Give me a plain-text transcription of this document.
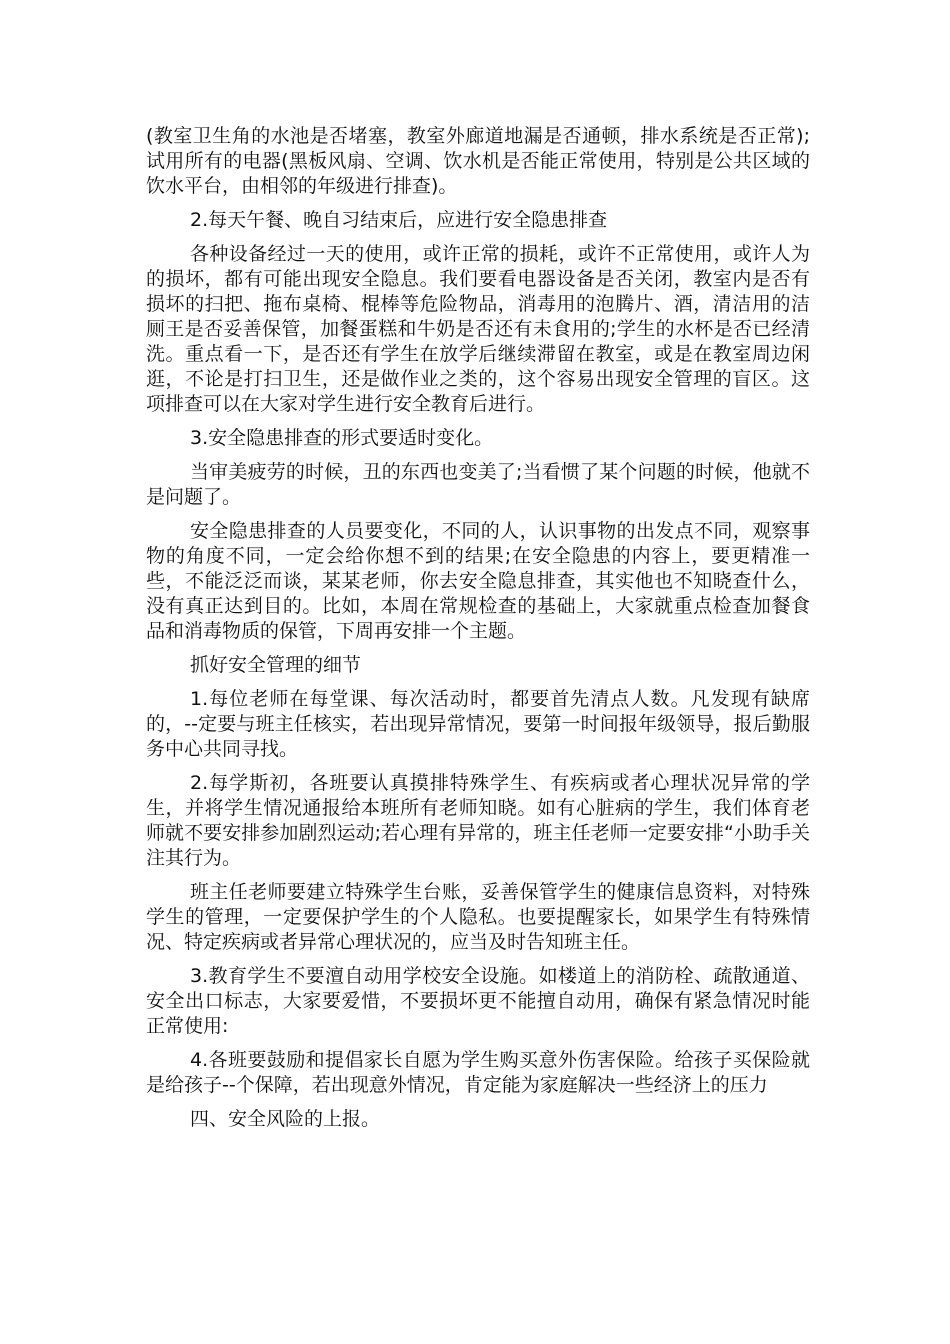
(教室卫生角的水池是否堵塞，教室外廊道地漏是否通顿，排水系统是否正常);试用所有的电器(黑板风扇、空调、饮水机是否能正常使用，特别是公共区域的饮水平台，由相邻的年级进行排查)。

2.每天午餐、晚自习结束后，应进行安全隐患排查

各种设备经过一天的使用，或许正常的损耗，或许不正常使用，或许人为的损坏，都有可能出现安全隐息。我们要看电器设备是否关闭，教室内是否有损坏的扫把、拖布桌椅、棍棒等危险物品，消毒用的泡腾片、酒，清洁用的洁厕王是否妥善保管，加餐蛋糕和牛奶是否还有未食用的;学生的水杯是否已经清洗。重点看一下，是否还有学生在放学后继续滞留在教室，或是在教室周边闲逛，不论是打扫卫生，还是做作业之类的，这个容易出现安全管理的盲区。这项排查可以在大家对学生进行安全教育后进行。

3.安全隐患排查的形式要适时变化。

当审美疲劳的时候，丑的东西也变美了;当看惯了某个问题的时候，他就不是问题了。

安全隐患排查的人员要变化，不同的人，认识事物的出发点不同，观察事物的角度不同，一定会给你想不到的结果;在安全隐患的内容上，要更精准一些，不能泛泛而谈，某某老师，你去安全隐息排查，其实他也不知晓查什么，没有真正达到目的。比如，本周在常规检查的基础上，大家就重点检查加餐食品和消毒物质的保管，下周再安排一个主题。

抓好安全管理的细节

1.每位老师在每堂课、每次活动时，都要首先清点人数。凡发现有缺席的，--定要与班主任核实，若出现异常情况，要第一时间报年级领导，报后勤服务中心共同寻找。

2.每学斯初，各班要认真摸排特殊学生、有疾病或者心理状况异常的学生，并将学生情况通报给本班所有老师知晓。如有心脏病的学生，我们体育老师就不要安排参加剧烈运动;若心理有异常的，班主任老师一定要安排“小助手关注其行为。

班主任老师要建立特殊学生台账，妥善保管学生的健康信息资料，对特殊学生的管理，一定要保护学生的个人隐私。也要提醒家长，如果学生有特殊情况、特定疾病或者异常心理状况的，应当及时告知班主任。

3.教育学生不要澶自动用学校安全设施。如楼道上的消防栓、疏散通道、安全出口标志，大家要爱惜，不要损坏更不能擅自动用，确保有紧急情况时能正常使用:

4.各班要鼓励和提倡家长自愿为学生购买意外伤害保险。给孩子买保险就是给孩子--个保障，若出现意外情况，肯定能为家庭解决一些经济上的压力

四、安全风险的上报。
